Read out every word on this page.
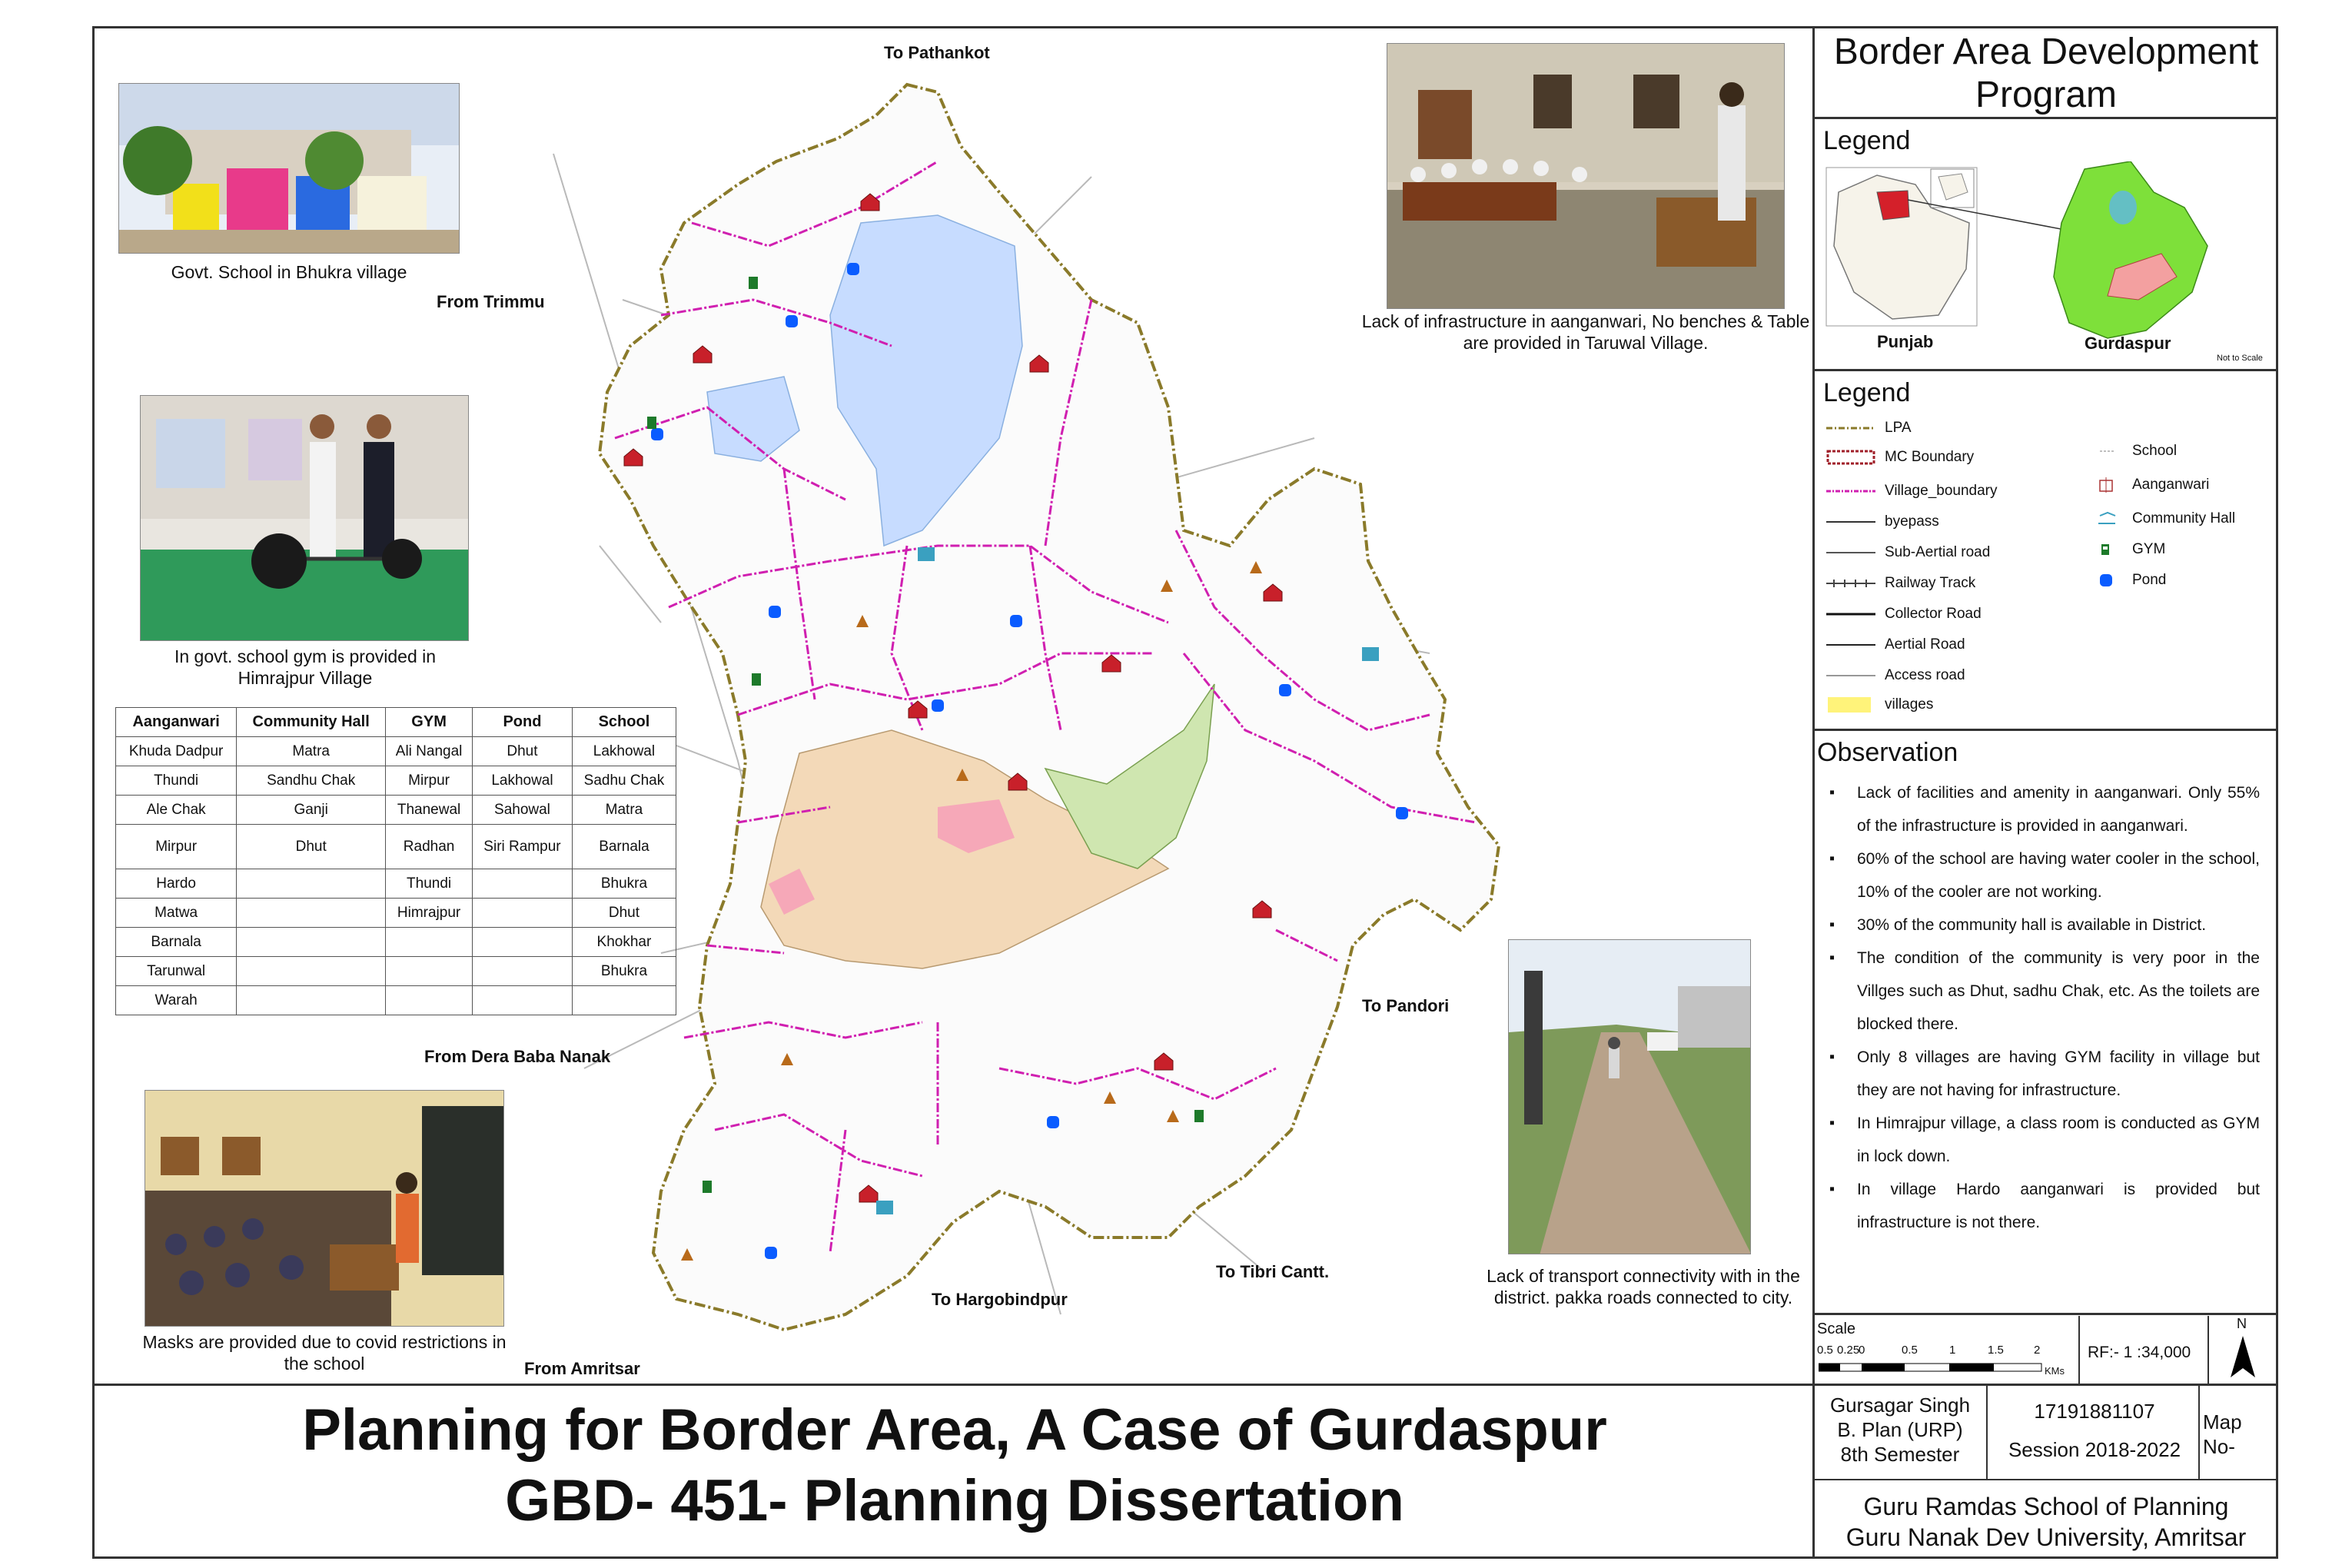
Border Area Development Program
Legend
Punjab	Gurdaspur
Not to Scale
Legend
LPA
MC Boundary
Village_boundary
byepass
Sub-Aertial road
Railway Track
Collector Road
Aertial Road
Access road
villages
School
Aanganwari
Community Hall
GYM
Pond
Observation
▪ Lack of facilities and amenity in aanganwari. Only 55% of the infrastructure is provided in aanganwari.
▪ 60% of the school are having water cooler in the school, 10% of the cooler are not working.
▪ 30% of the community hall is available in District.
▪ The condition of the community is very poor in the Villges such as Dhut, sadhu Chak, etc. As the toilets are blocked there.
▪ Only 8 villages are having GYM facility in village but they are not having for infrastructure.
▪ In Himrajpur village, a class room is conducted as GYM in lock down.
▪ In village Hardo aanganwari is provided but infrastructure is not there.
Scale
0.5 0.25
0	0.5	1	1.5	2
KMs
RF:- 1 :34,000
N
To Pathankot
From Trimmu
From Dera Baba Nanak
To Pandori
To Tibri Cantt.
To Hargobindpur
From Amritsar
Govt. School in Bhukra village
In govt. school gym is provided in Himrajpur Village
Aanganwari	Community Hall	GYM	Pond	School
Khuda Dadpur	Matra	Ali Nangal	Dhut	Lakhowal
Thundi	Sandhu Chak	Mirpur	Lakhowal	Sadhu Chak
Ale Chak	Ganji	Thanewal	Sahowal	Matra
Mirpur	Dhut	Radhan	Siri Rampur	Barnala
Hardo		Thundi		Bhukra
Matwa		Himrajpur		Dhut
Barnala				Khokhar
Tarunwal				Bhukra
Warah				
Masks are provided due to covid restrictions in the school
Lack of infrastructure in aanganwari, No benches & Table are provided in Taruwal Village.
Lack of transport connectivity with in the district. pakka roads connected to city.
Planning for Border Area, A Case of Gurdaspur
GBD- 451- Planning Dissertation
Gursagar Singh
B. Plan (URP)
8th Semester
17191881107
Session 2018-2022
Map No-
Guru Ramdas School of Planning
Guru Nanak Dev University, Amritsar
